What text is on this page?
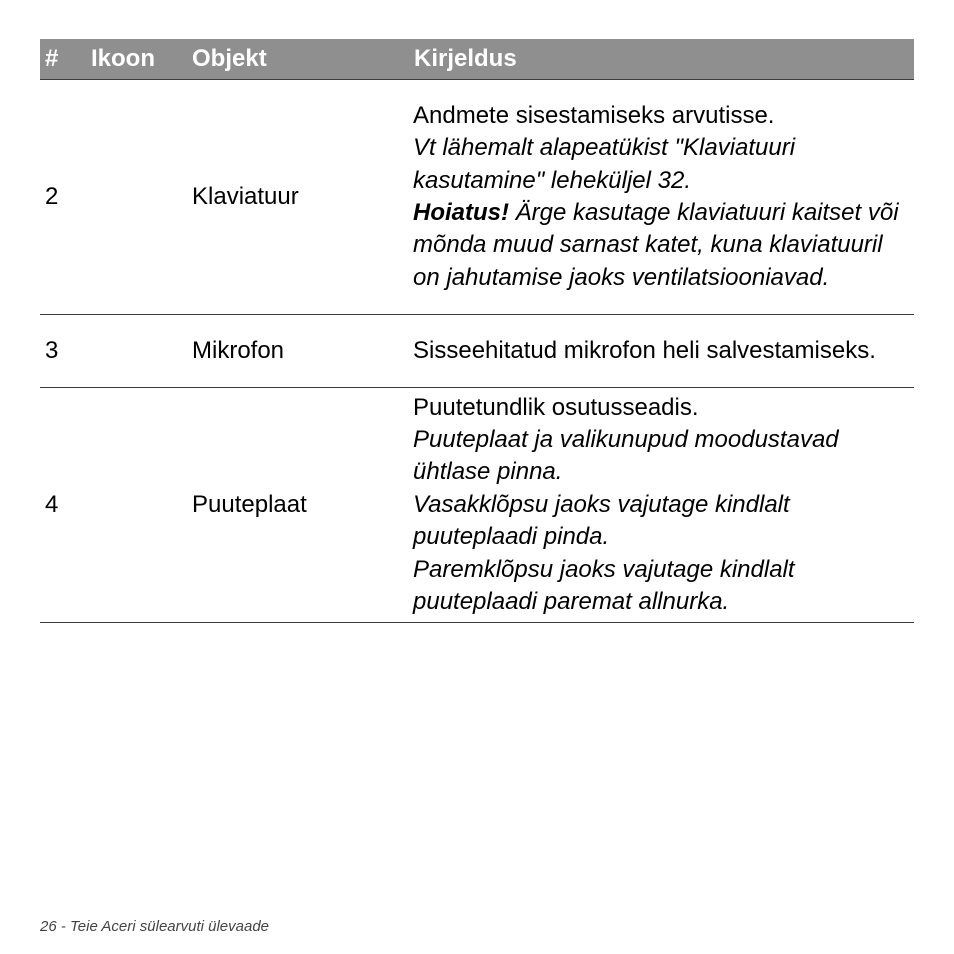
#	Ikoon	Objekt	Kirjeldus
2		Klaviatuur	Andmete sisestamiseks arvutisse.
Vt lähemalt alapeatükist "Klaviatuuri kasutamine" leheküljel 32.
Hoiatus! Ärge kasutage klaviatuuri kaitset või mõnda muud sarnast katet, kuna klaviatuuril on jahutamise jaoks ventilatsiooniavad.

3		Mikrofon	Sisseehitatud mikrofon heli salvestamiseks.

4		Puuteplaat	Puutetundlik osutusseadis.
Puuteplaat ja valikunupud moodustavad ühtlase pinna.
Vasakklõpsu jaoks vajutage kindlalt puuteplaadi pinda.
Paremklõpsu jaoks vajutage kindlalt puuteplaadi paremat allnurka.
26 - Teie Aceri sülearvuti ülevaade
